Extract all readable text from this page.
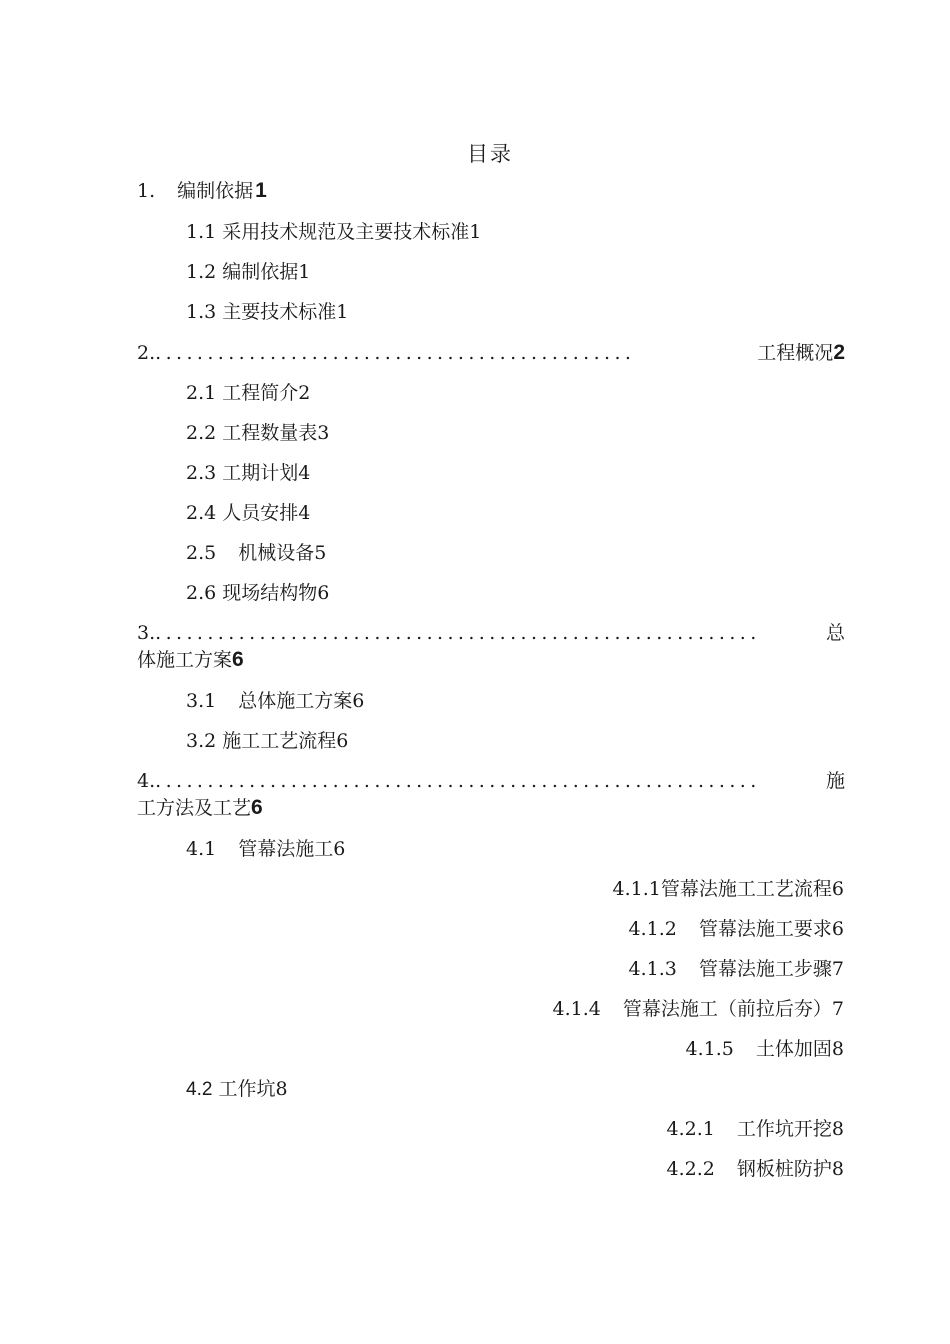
目录
1. 编制依据1
1.1 采用技术规范及主要技术标准1
1.2 编制依据1
1.3 主要技术标准1
2. ..............................................	工程概况2
2.1 工程简介2
2.2 工程数量表3
2.3 工期计划4
2.4 人员安排4
2.5 机械设备5
2.6 现场结构物6
3. ..........................................................	总
体施工方案6
3.1 总体施工方案6
3.2 施工工艺流程6
4. ..........................................................	施
工方法及工艺6
4.1 管幕法施工6
4.1.1管幕法施工工艺流程6
4.1.2 管幕法施工要求6
4.1.3 管幕法施工步骤7
4.1.4 管幕法施工（前拉后夯）7
4.1.5 土体加固8
4.2 工作坑8
4.2.1 工作坑开挖8
4.2.2 钢板桩防护8
